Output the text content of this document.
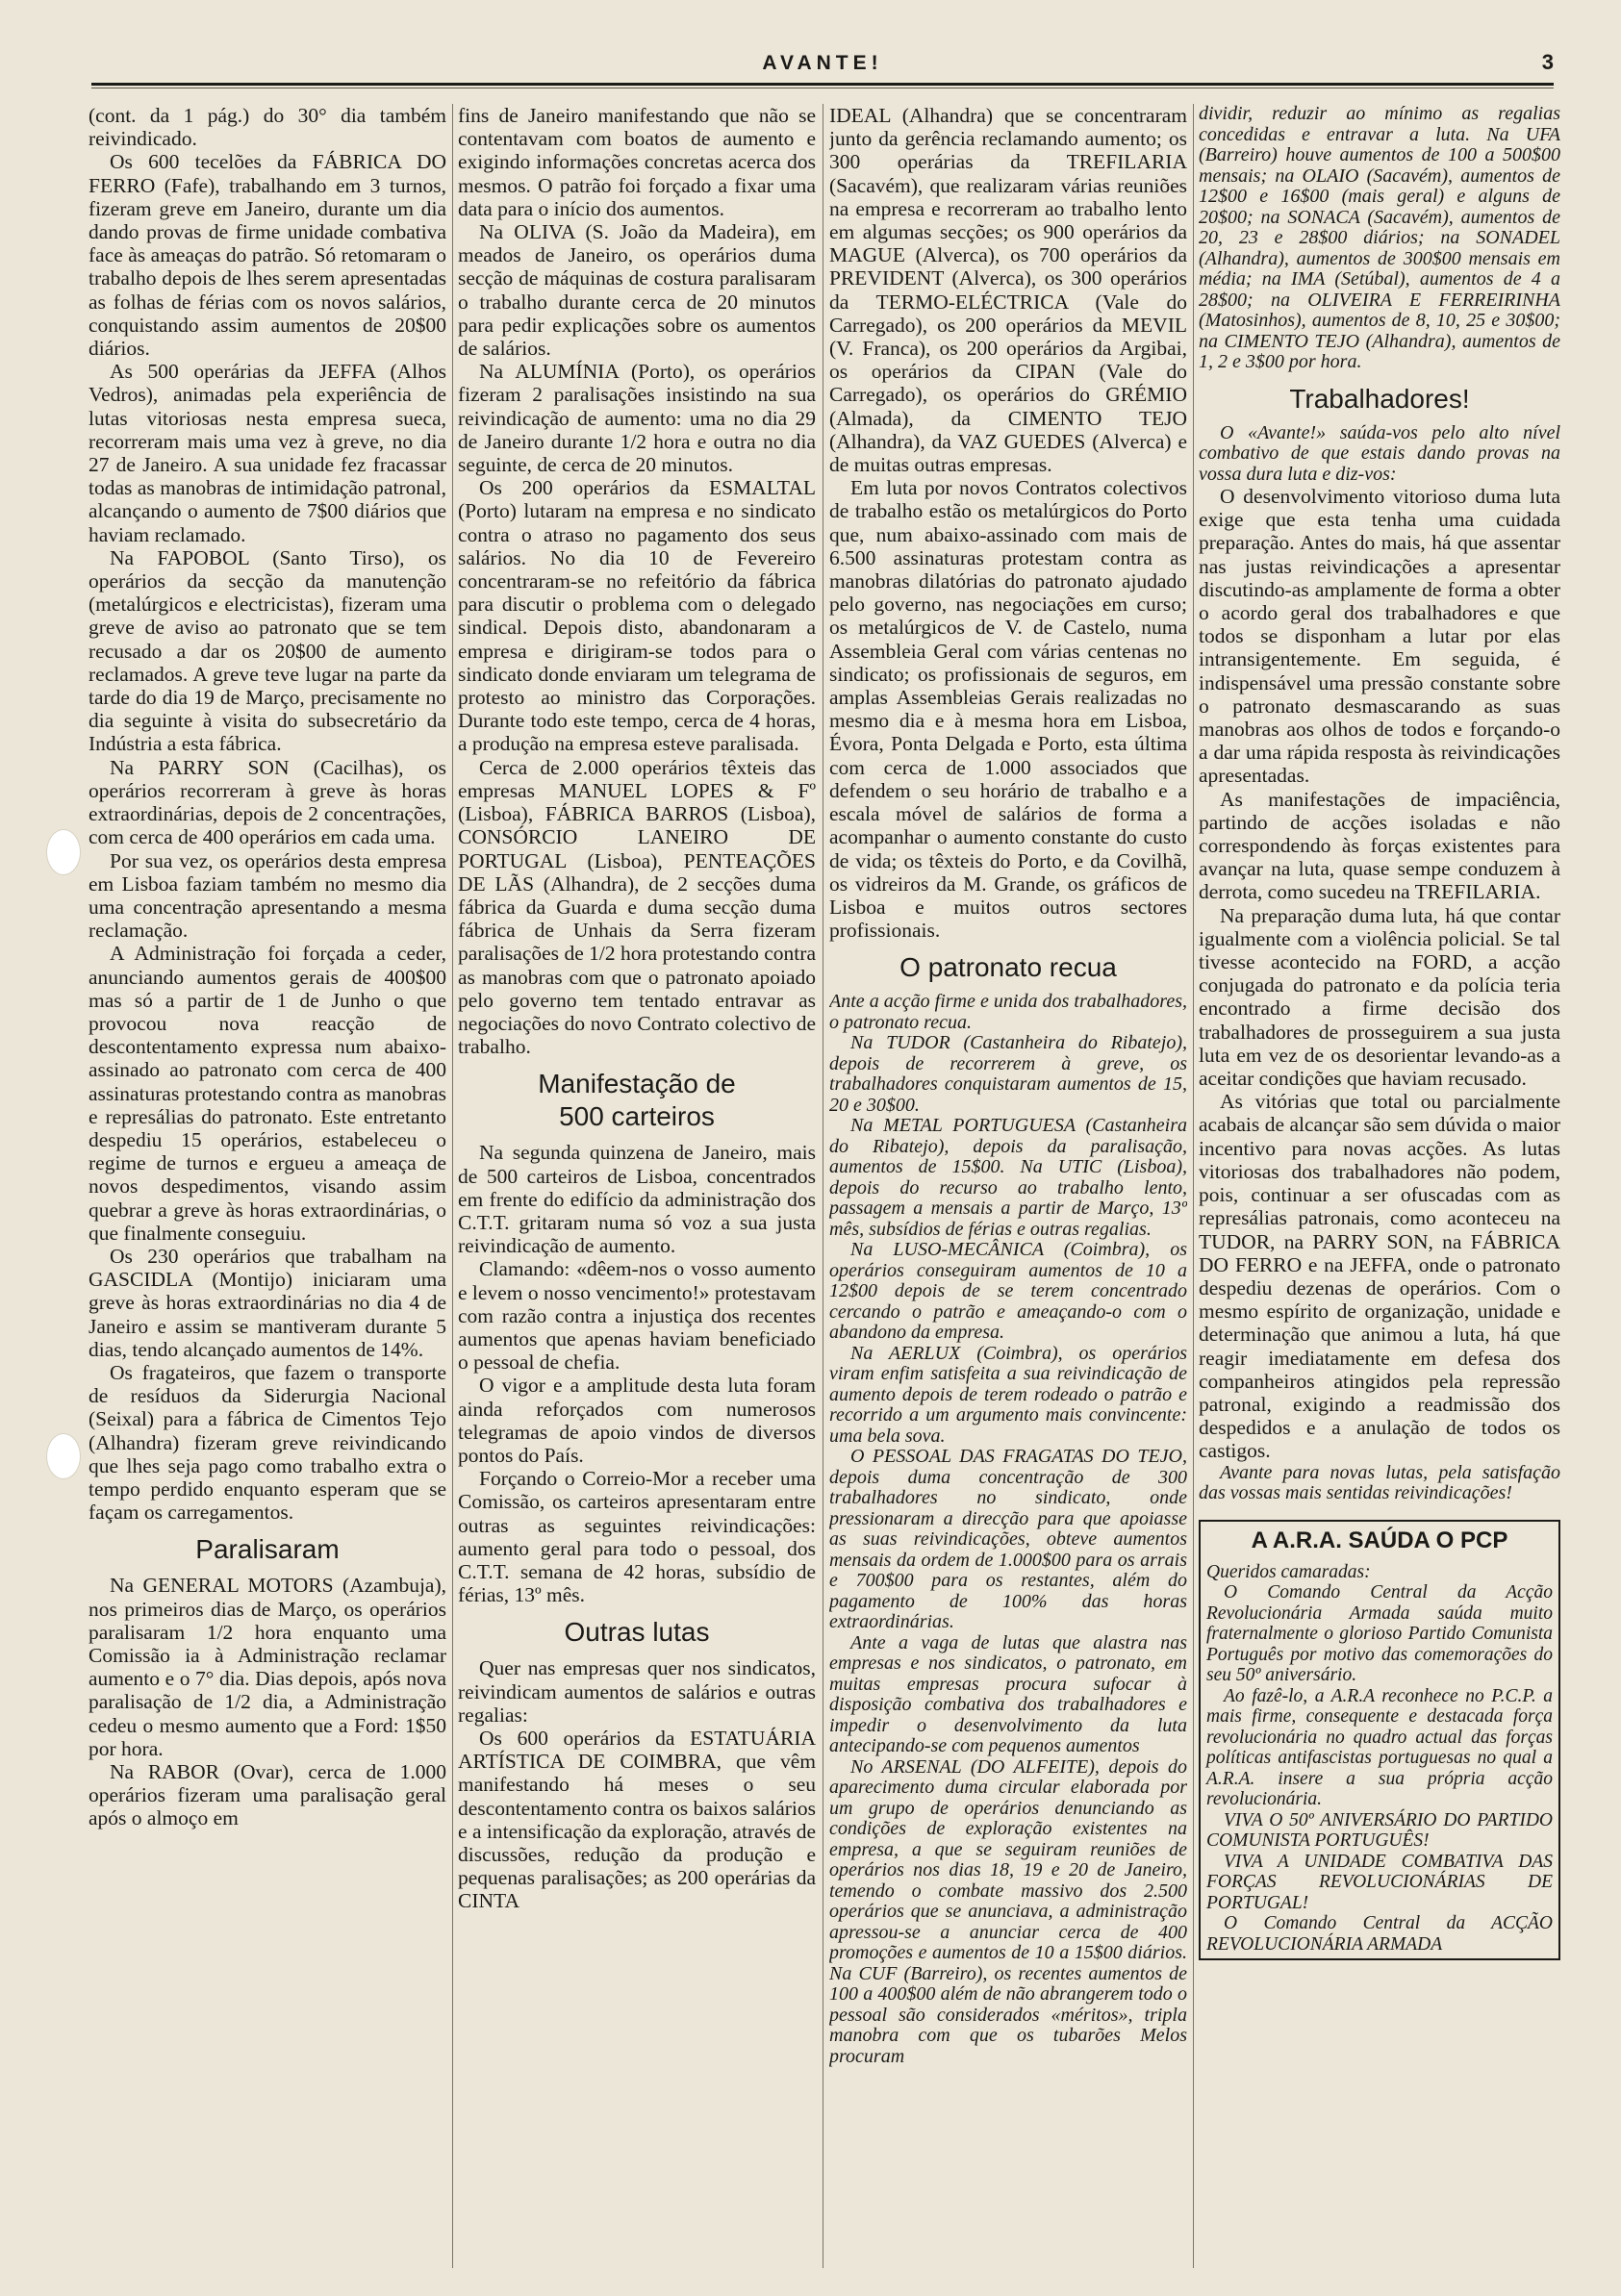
AVANTE!	3

(cont. da 1 pág.) do 30° dia também reivindicado.

Os 600 tecelões da FÁBRICA DO FERRO (Fafe), trabalhando em 3 turnos, fizeram greve em Janeiro, durante um dia dando provas de firme unidade combativa face às ameaças do patrão. Só retomaram o trabalho depois de lhes serem apresentadas as folhas de férias com os novos salários, conquistando assim aumentos de 20$00 diários.

As 500 operárias da JEFFA (Alhos Vedros), animadas pela experiência de lutas vitoriosas nesta empresa sueca, recorreram mais uma vez à greve, no dia 27 de Janeiro. A sua unidade fez fracassar todas as manobras de intimidação patronal, alcançando o aumento de 7$00 diários que haviam reclamado.

Na FAPOBOL (Santo Tirso), os operários da secção da manutenção (metalúrgicos e electricistas), fizeram uma greve de aviso ao patronato que se tem recusado a dar os 20$00 de aumento reclamados. A greve teve lugar na parte da tarde do dia 19 de Março, precisamente no dia seguinte à visita do subsecretário da Indústria a esta fábrica.

Na PARRY SON (Cacilhas), os operários recorreram à greve às horas extraordinárias, depois de 2 concentrações, com cerca de 400 operários em cada uma.

Por sua vez, os operários desta empresa em Lisboa faziam também no mesmo dia uma concentração apresentando a mesma reclamação.

A Administração foi forçada a ceder, anunciando aumentos gerais de 400$00 mas só a partir de 1 de Junho o que provocou nova reacção de descontentamento expressa num abaixo-assinado ao patronato com cerca de 400 assinaturas protestando contra as manobras e represálias do patronato. Este entretanto despediu 15 operários, estabeleceu o regime de turnos e ergueu a ameaça de novos despedimentos, visando assim quebrar a greve às horas extraordinárias, o que finalmente conseguiu.

Os 230 operários que trabalham na GASCIDLA (Montijo) iniciaram uma greve às horas extraordinárias no dia 4 de Janeiro e assim se mantiveram durante 5 dias, tendo alcançado aumentos de 14%.

Os fragateiros, que fazem o transporte de resíduos da Siderurgia Nacional (Seixal) para a fábrica de Cimentos Tejo (Alhandra) fizeram greve reivindicando que lhes seja pago como trabalho extra o tempo perdido enquanto esperam que se façam os carregamentos.

Paralisaram

Na GENERAL MOTORS (Azambuja), nos primeiros dias de Março, os operários paralisaram 1/2 hora enquanto uma Comissão ia à Administração reclamar aumento e o 7° dia. Dias depois, após nova paralisação de 1/2 dia, a Administração cedeu o mesmo aumento que a Ford: 1$50 por hora.

Na RABOR (Ovar), cerca de 1.000 operários fizeram uma paralisação geral após o almoço em

fins de Janeiro manifestando que não se contentavam com boatos de aumento e exigindo informações concretas acerca dos mesmos. O patrão foi forçado a fixar uma data para o início dos aumentos.

Na OLIVA (S. João da Madeira), em meados de Janeiro, os operários duma secção de máquinas de costura paralisaram o trabalho durante cerca de 20 minutos para pedir explicações sobre os aumentos de salários.

Na ALUMÍNIA (Porto), os operários fizeram 2 paralisações insistindo na sua reivindicação de aumento: uma no dia 29 de Janeiro durante 1/2 hora e outra no dia seguinte, de cerca de 20 minutos.

Os 200 operários da ESMALTAL (Porto) lutaram na empresa e no sindicato contra o atraso no pagamento dos seus salários. No dia 10 de Fevereiro concentraram-se no refeitório da fábrica para discutir o problema com o delegado sindical. Depois disto, abandonaram a empresa e dirigiram-se todos para o sindicato donde enviaram um telegrama de protesto ao ministro das Corporações. Durante todo este tempo, cerca de 4 horas, a produção na empresa esteve paralisada.

Cerca de 2.000 operários têxteis das empresas MANUEL LOPES & Fº (Lisboa), FÁBRICA BARROS (Lisboa), CONSÓRCIO LANEIRO DE PORTUGAL (Lisboa), PENTEAÇÕES DE LÃS (Alhandra), de 2 secções duma fábrica da Guarda e duma secção duma fábrica de Unhais da Serra fizeram paralisações de 1/2 hora protestando contra as manobras com que o patronato apoiado pelo governo tem tentado entravar as negociações do novo Contrato colectivo de trabalho.

Manifestação de
500 carteiros

Na segunda quinzena de Janeiro, mais de 500 carteiros de Lisboa, concentrados em frente do edifício da administração dos C.T.T. gritaram numa só voz a sua justa reivindicação de aumento.

Clamando: «dêem-nos o vosso aumento e levem o nosso vencimento!» protestavam com razão contra a injustiça dos recentes aumentos que apenas haviam beneficiado o pessoal de chefia.

O vigor e a amplitude desta luta foram ainda reforçados com numerosos telegramas de apoio vindos de diversos pontos do País.

Forçando o Correio-Mor a receber uma Comissão, os carteiros apresentaram entre outras as seguintes reivindicações: aumento geral para todo o pessoal, dos C.T.T. semana de 42 horas, subsídio de férias, 13º mês.

Outras lutas

Quer nas empresas quer nos sindicatos, reivindicam aumentos de salários e outras regalias:

Os 600 operários da ESTATUÁRIA ARTÍSTICA DE COIMBRA, que vêm manifestando há meses o seu descontentamento contra os baixos salários e a intensificação da exploração, através de discussões, redução da produção e pequenas paralisações; as 200 operárias da CINTA

IDEAL (Alhandra) que se concentraram junto da gerência reclamando aumento; os 300 operárias da TREFILARIA (Sacavém), que realizaram várias reuniões na empresa e recorreram ao trabalho lento em algumas secções; os 900 operários da MAGUE (Alverca), os 700 operários da PREVIDENT (Alverca), os 300 operários da TERMO-ELÉCTRICA (Vale do Carregado), os 200 operários da MEVIL (V. Franca), os 200 operários da Argibai, os operários da CIPAN (Vale do Carregado), os operários do GRÉMIO (Almada), da CIMENTO TEJO (Alhandra), da VAZ GUEDES (Alverca) e de muitas outras empresas.

Em luta por novos Contratos colectivos de trabalho estão os metalúrgicos do Porto que, num abaixo-assinado com mais de 6.500 assinaturas protestam contra as manobras dilatórias do patronato ajudado pelo governo, nas negociações em curso; os metalúrgicos de V. de Castelo, numa Assembleia Geral com várias centenas no sindicato; os profissionais de seguros, em amplas Assembleias Gerais realizadas no mesmo dia e à mesma hora em Lisboa, Évora, Ponta Delgada e Porto, esta última com cerca de 1.000 associados que defendem o seu horário de trabalho e a escala móvel de salários de forma a acompanhar o aumento constante do custo de vida; os têxteis do Porto, e da Covilhã, os vidreiros da M. Grande, os gráficos de Lisboa e muitos outros sectores profissionais.

O patronato recua

Ante a acção firme e unida dos trabalhadores, o patronato recua.

Na TUDOR (Castanheira do Ribatejo), depois de recorrerem à greve, os trabalhadores conquistaram aumentos de 15, 20 e 30$00.

Na METAL PORTUGUESA (Castanheira do Ribatejo), depois da paralisação, aumentos de 15$00. Na UTIC (Lisboa), depois do recurso ao trabalho lento, passagem a mensais a partir de Março, 13º mês, subsídios de férias e outras regalias.

Na LUSO-MECÂNICA (Coimbra), os operários conseguiram aumentos de 10 a 12$00 depois de se terem concentrado cercando o patrão e ameaçando-o com o abandono da empresa.

Na AERLUX (Coimbra), os operários viram enfim satisfeita a sua reivindicação de aumento depois de terem rodeado o patrão e recorrido a um argumento mais convincente: uma bela sova.

O PESSOAL DAS FRAGATAS DO TEJO, depois duma concentração de 300 trabalhadores no sindicato, onde pressionaram a direcção para que apoiasse as suas reivindicações, obteve aumentos mensais da ordem de 1.000$00 para os arrais e 700$00 para os restantes, além do pagamento de 100% das horas extraordinárias.

Ante a vaga de lutas que alastra nas empresas e nos sindicatos, o patronato, em muitas empresas procura sufocar à disposição combativa dos trabalhadores e impedir o desenvolvimento da luta antecipando-se com pequenos aumentos

No ARSENAL (DO ALFEITE), depois do aparecimento duma circular elaborada por um grupo de operários denunciando as condições de exploração existentes na empresa, a que se seguiram reuniões de operários nos dias 18, 19 e 20 de Janeiro, temendo o combate massivo dos 2.500 operários que se anunciava, a administração apressou-se a anunciar cerca de 400 promoções e aumentos de 10 a 15$00 diários. Na CUF (Barreiro), os recentes aumentos de 100 a 400$00 além de não abrangerem todo o pessoal são considerados «méritos», tripla manobra com que os tubarões Melos procuram

dividir, reduzir ao mínimo as regalias concedidas e entravar a luta. Na UFA (Barreiro) houve aumentos de 100 a 500$00 mensais; na OLAIO (Sacavém), aumentos de 12$00 e 16$00 (mais geral) e alguns de 20$00; na SONACA (Sacavém), aumentos de 20, 23 e 28$00 diários; na SONADEL (Alhandra), aumentos de 300$00 mensais em média; na IMA (Setúbal), aumentos de 4 a 28$00; na OLIVEIRA E FERREIRINHA (Matosinhos), aumentos de 8, 10, 25 e 30$00; na CIMENTO TEJO (Alhandra), aumentos de 1, 2 e 3$00 por hora.

Trabalhadores!

O «Avante!» saúda-vos pelo alto nível combativo de que estais dando provas na vossa dura luta e diz-vos:

O desenvolvimento vitorioso duma luta exige que esta tenha uma cuidada preparação. Antes do mais, há que assentar nas justas reivindicações a apresentar discutindo-as amplamente de forma a obter o acordo geral dos trabalhadores e que todos se disponham a lutar por elas intransigentemente. Em seguida, é indispensável uma pressão constante sobre o patronato desmascarando as suas manobras aos olhos de todos e forçando-o a dar uma rápida resposta às reivindicações apresentadas.

As manifestações de impaciência, partindo de acções isoladas e não correspondendo às forças existentes para avançar na luta, quase sempe conduzem à derrota, como sucedeu na TREFILARIA.

Na preparação duma luta, há que contar igualmente com a violência policial. Se tal tivesse acontecido na FORD, a acção conjugada do patronato e da polícia teria encontrado a firme decisão dos trabalhadores de prosseguirem a sua justa luta em vez de os desorientar levando-as a aceitar condições que haviam recusado.

As vitórias que total ou parcialmente acabais de alcançar são sem dúvida o maior incentivo para novas acções. As lutas vitoriosas dos trabalhadores não podem, pois, continuar a ser ofuscadas com as represálias patronais, como aconteceu na TUDOR, na PARRY SON, na FÁBRICA DO FERRO e na JEFFA, onde o patronato despediu dezenas de operários. Com o mesmo espírito de organização, unidade e determinação que animou a luta, há que reagir imediatamente em defesa dos companheiros atingidos pela repressão patronal, exigindo a readmissão dos despedidos e a anulação de todos os castigos.

Avante para novas lutas, pela satisfação das vossas mais sentidas reivindicações!

A A.R.A. SAÚDA O PCP

Queridos camaradas:

O Comando Central da Acção Revolucionária Armada saúda muito fraternalmente o glorioso Partido Comunista Português por motivo das comemorações do seu 50º aniversário.

Ao fazê-lo, a A.R.A reconhece no P.C.P. a mais firme, consequente e destacada força revolucionária no quadro actual das forças políticas antifascistas portuguesas no qual a A.R.A. insere a sua própria acção revolucionária.

VIVA O 50º ANIVERSÁRIO DO PARTIDO COMUNISTA PORTUGUÊS!

VIVA A UNIDADE COMBATIVA DAS FORÇAS REVOLUCIONÁRIAS DE PORTUGAL!

O Comando Central da ACÇÃO REVOLUCIONÁRIA ARMADA
